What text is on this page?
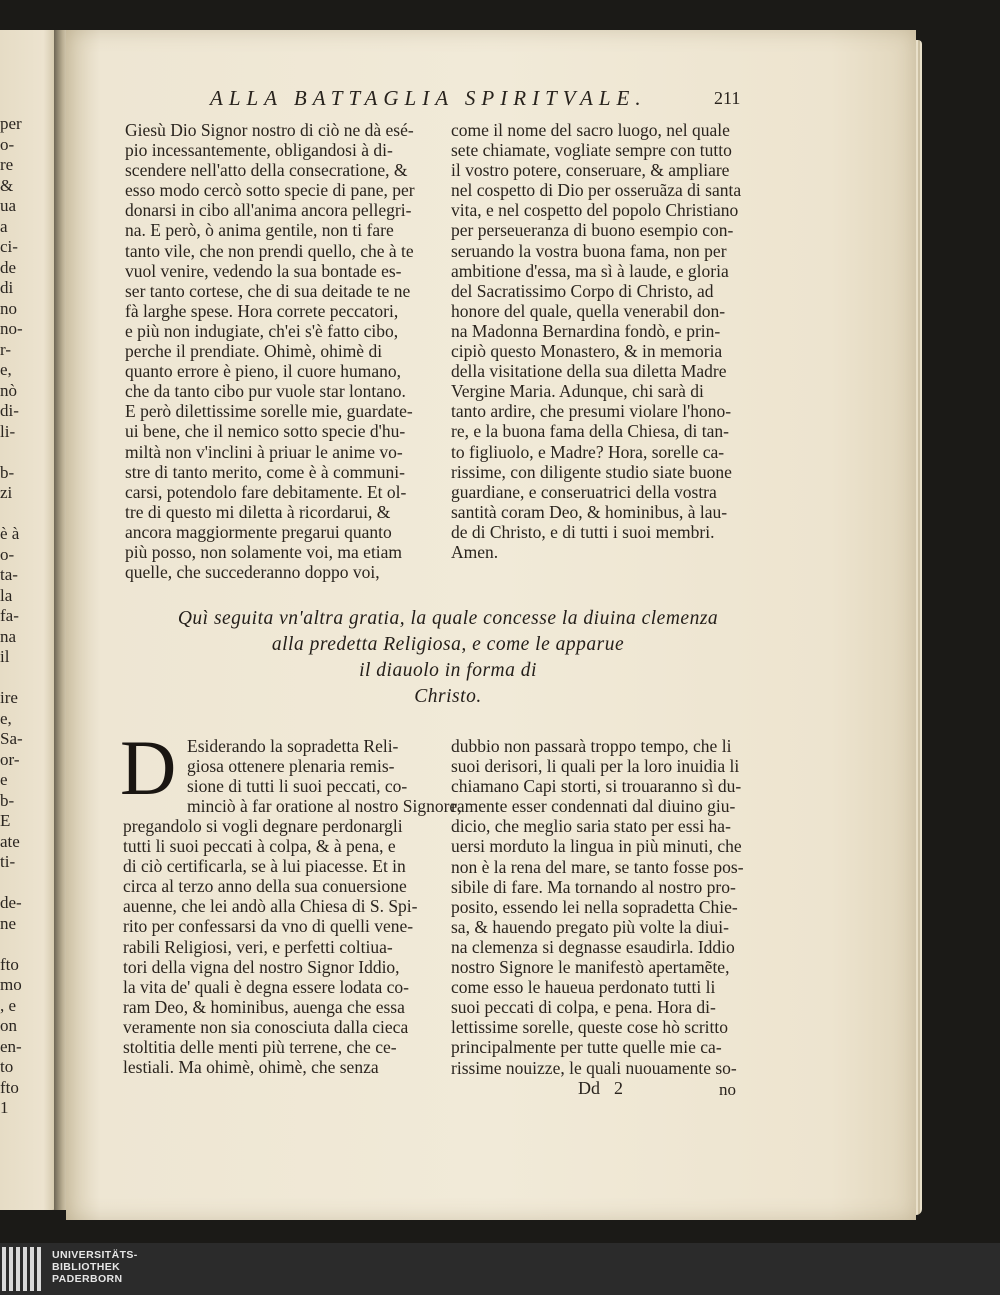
per
o-
re
&
ua
a
ci-
de
di
no
no-
r-
e,
nò
di-
li-

b-
zi

è à
o-
ta-
la
fa-
na
il

ire
e,
Sa-
or-
e
b-
E
ate
ti-

de-
ne

fto
mo
, e
on
en-
to
fto
1
ALLA BATTAGLIA SPIRITVALE.	211
Giesù Dio Signor nostro di ciò ne dà esé-
pio incessantemente, obligandosi à di-
scendere nell'atto della consecratione, &
esso modo cercò sotto specie di pane, per
donarsi in cibo all'anima ancora pellegri-
na. E però, ò anima gentile, non ti fare
tanto vile, che non prendi quello, che à te
vuol venire, vedendo la sua bontade es-
ser tanto cortese, che di sua deitade te ne
fà larghe spese. Hora correte peccatori,
e più non indugiate, ch'ei s'è fatto cibo,
perche il prendiate. Ohimè, ohimè di
quanto errore è pieno, il cuore humano,
che da tanto cibo pur vuole star lontano.
E però dilettissime sorelle mie, guardate-
ui bene, che il nemico sotto specie d'hu-
miltà non v'inclini à priuar le anime vo-
stre di tanto merito, come è à communi-
carsi, potendolo fare debitamente. Et ol-
tre di questo mi diletta à ricordarui, &
ancora maggiormente pregarui quanto
più posso, non solamente voi, ma etiam
quelle, che succederanno doppo voi,
come il nome del sacro luogo, nel quale
sete chiamate, vogliate sempre con tutto
il vostro potere, conseruare, & ampliare
nel cospetto di Dio per osseruãza di santa
vita, e nel cospetto del popolo Christiano
per perseueranza di buono esempio con-
seruando la vostra buona fama, non per
ambitione d'essa, ma sì à laude, e gloria
del Sacratissimo Corpo di Christo, ad
honore del quale, quella venerabil don-
na Madonna Bernardina fondò, e prin-
cipiò questo Monastero, & in memoria
della visitatione della sua diletta Madre
Vergine Maria. Adunque, chi sarà di
tanto ardire, che presumi violare l'hono-
re, e la buona fama della Chiesa, di tan-
to figliuolo, e Madre? Hora, sorelle ca-
rissime, con diligente studio siate buone
guardiane, e conseruatrici della vostra
santità coram Deo, & hominibus, à lau-
de di Christo, e di tutti i suoi membri.
Amen.
Quì seguita vn'altra gratia, la quale concesse la diuina clemenza
alla predetta Religiosa, e come le apparue
il diauolo in forma di
Christo.
D Esiderando la sopradetta Reli-
giosa ottenere plenaria remis-
sione di tutti li suoi peccati, co-
minciò à far oratione al nostro Signore,
pregandolo si vogli degnare perdonargli
tutti li suoi peccati à colpa, & à pena, e
di ciò certificarla, se à lui piacesse. Et in
circa al terzo anno della sua conuersione
auenne, che lei andò alla Chiesa di S. Spi-
rito per confessarsi da vno di quelli vene-
rabili Religiosi, veri, e perfetti coltiua-
tori della vigna del nostro Signor Iddio,
la vita de' quali è degna essere lodata co-
ram Deo, & hominibus, auenga che essa
veramente non sia conosciuta dalla cieca
stoltitia delle menti più terrene, che ce-
lestiali. Ma ohimè, ohimè, che senza
dubbio non passarà troppo tempo, che li
suoi derisori, li quali per la loro inuidia li
chiamano Capi storti, si trouaranno sì du-
ramente esser condennati dal diuino giu-
dicio, che meglio saria stato per essi ha-
uersi morduto la lingua in più minuti, che
non è la rena del mare, se tanto fosse pos-
sibile di fare. Ma tornando al nostro pro-
posito, essendo lei nella sopradetta Chie-
sa, & hauendo pregato più volte la diui-
na clemenza si degnasse esaudirla. Iddio
nostro Signore le manifestò apertamẽte,
come esso le haueua perdonato tutti li
suoi peccati di colpa, e pena. Hora di-
lettissime sorelle, queste cose hò scritto
principalmente per tutte quelle mie ca-
rissime nouizze, le quali nuouamente so-
Dd 2	no
UNIVERSITÄTS-
BIBLIOTHEK
PADERBORN
